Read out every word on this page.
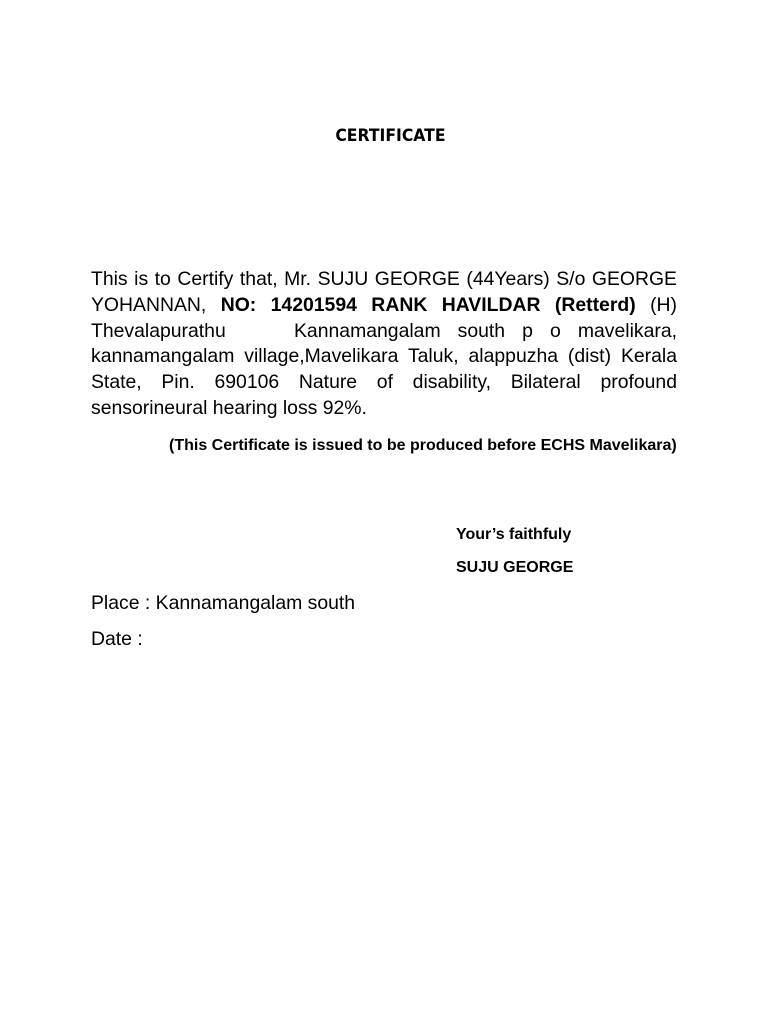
CERTIFICATE

This is to Certify that, Mr. SUJU GEORGE (44Years) S/o GEORGE YOHANNAN, NO: 14201594 RANK HAVILDAR (Retterd) (H) Thevalapurathu    Kannamangalam south p o mavelikara, kannamangalam village,Mavelikara Taluk, alappuzha (dist) Kerala State, Pin. 690106 Nature of disability, Bilateral profound sensorineural hearing loss 92%.

(This Certificate is issued to be produced before ECHS Mavelikara)

Your’s faithfuly
SUJU GEORGE
Place : Kannamangalam south
Date :
